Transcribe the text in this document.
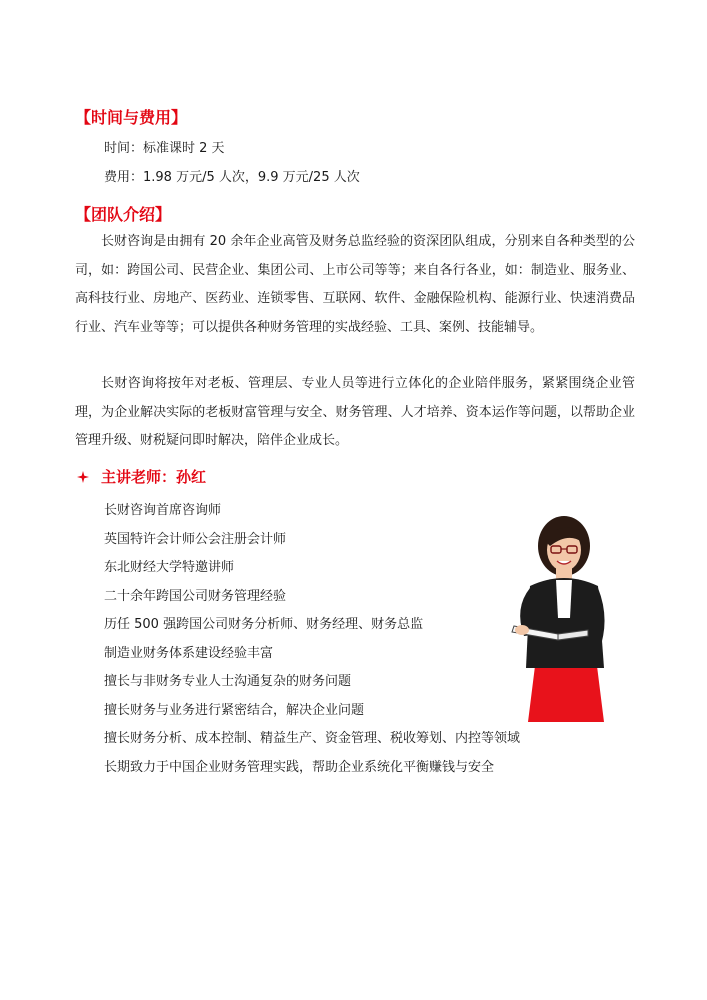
【时间与费用】

时间：标准课时 2 天

费用：1.98 万元/5 人次，9.9 万元/25 人次

【团队介绍】

长财咨询是由拥有 20 余年企业高管及财务总监经验的资深团队组成，分别来自各种类型的公司，如：跨国公司、民营企业、集团公司、上市公司等等；来自各行各业，如：制造业、服务业、高科技行业、房地产、医药业、连锁零售、互联网、软件、金融保险机构、能源行业、快速消费品行业、汽车业等等；可以提供各种财务管理的实战经验、工具、案例、技能辅导。

长财咨询将按年对老板、管理层、专业人员等进行立体化的企业陪伴服务，紧紧围绕企业管理，为企业解决实际的老板财富管理与安全、财务管理、人才培养、资本运作等问题，以帮助企业管理升级、财税疑问即时解决，陪伴企业成长。

主讲老师：孙红

长财咨询首席咨询师

英国特许会计师公会注册会计师

东北财经大学特邀讲师

二十余年跨国公司财务管理经验

历任 500 强跨国公司财务分析师、财务经理、财务总监

制造业财务体系建设经验丰富

擅长与非财务专业人士沟通复杂的财务问题

擅长财务与业务进行紧密结合，解决企业问题

擅长财务分析、成本控制、精益生产、资金管理、税收筹划、内控等领域

长期致力于中国企业财务管理实践，帮助企业系统化平衡赚钱与安全
